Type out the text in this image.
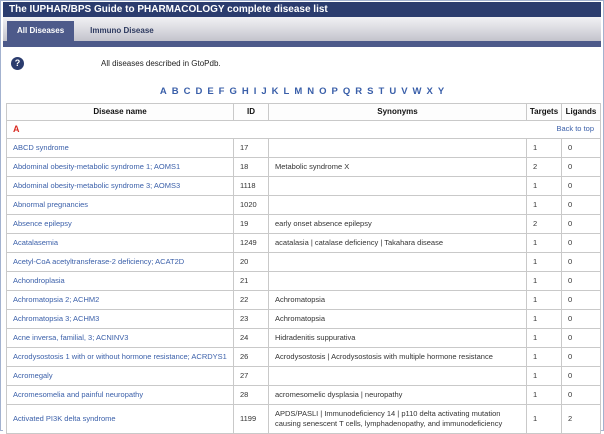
The IUPHAR/BPS Guide to PHARMACOLOGY complete disease list
All Diseases	Immuno Disease
?	All diseases described in GtoPdb.
A B C D E F G H I J K L M N O P Q R S T U V W X Y
Disease name	ID	Synonyms	Targets	Ligands
A Back to top				

ABCD syndrome	17		1	0
Abdominal obesity-metabolic syndrome 1; AOMS1	18	Metabolic syndrome X	2	0
Abdominal obesity-metabolic syndrome 3; AOMS3	1118		1	0
Abnormal pregnancies	1020		1	0
Absence epilepsy	19	early onset absence epilepsy	2	0
Acatalasemia	1249	acatalasia | catalase deficiency | Takahara disease	1	0
Acetyl-CoA acetyltransferase-2 deficiency; ACAT2D	20		1	0
Achondroplasia	21		1	0
Achromatopsia 2; ACHM2	22	Achromatopsia	1	0
Achromatopsia 3; ACHM3	23	Achromatopsia	1	0
Acne inversa, familial, 3; ACNINV3	24	Hidradenitis suppurativa	1	0
Acrodysostosis 1 with or without hormone resistance; ACRDYS1	26	Acrodysostosis | Acrodysostosis with multiple hormone resistance	1	0
Acromegaly	27		1	0
Acromesomelia and painful neuropathy	28	acromesomelic dysplasia | neuropathy	1	0
Activated PI3K delta syndrome	1199	APDS/PASLI | Immunodeficiency 14 | p110 delta activating mutation causing senescent T cells, lymphadenopathy, and immunodeficiency	1	2
